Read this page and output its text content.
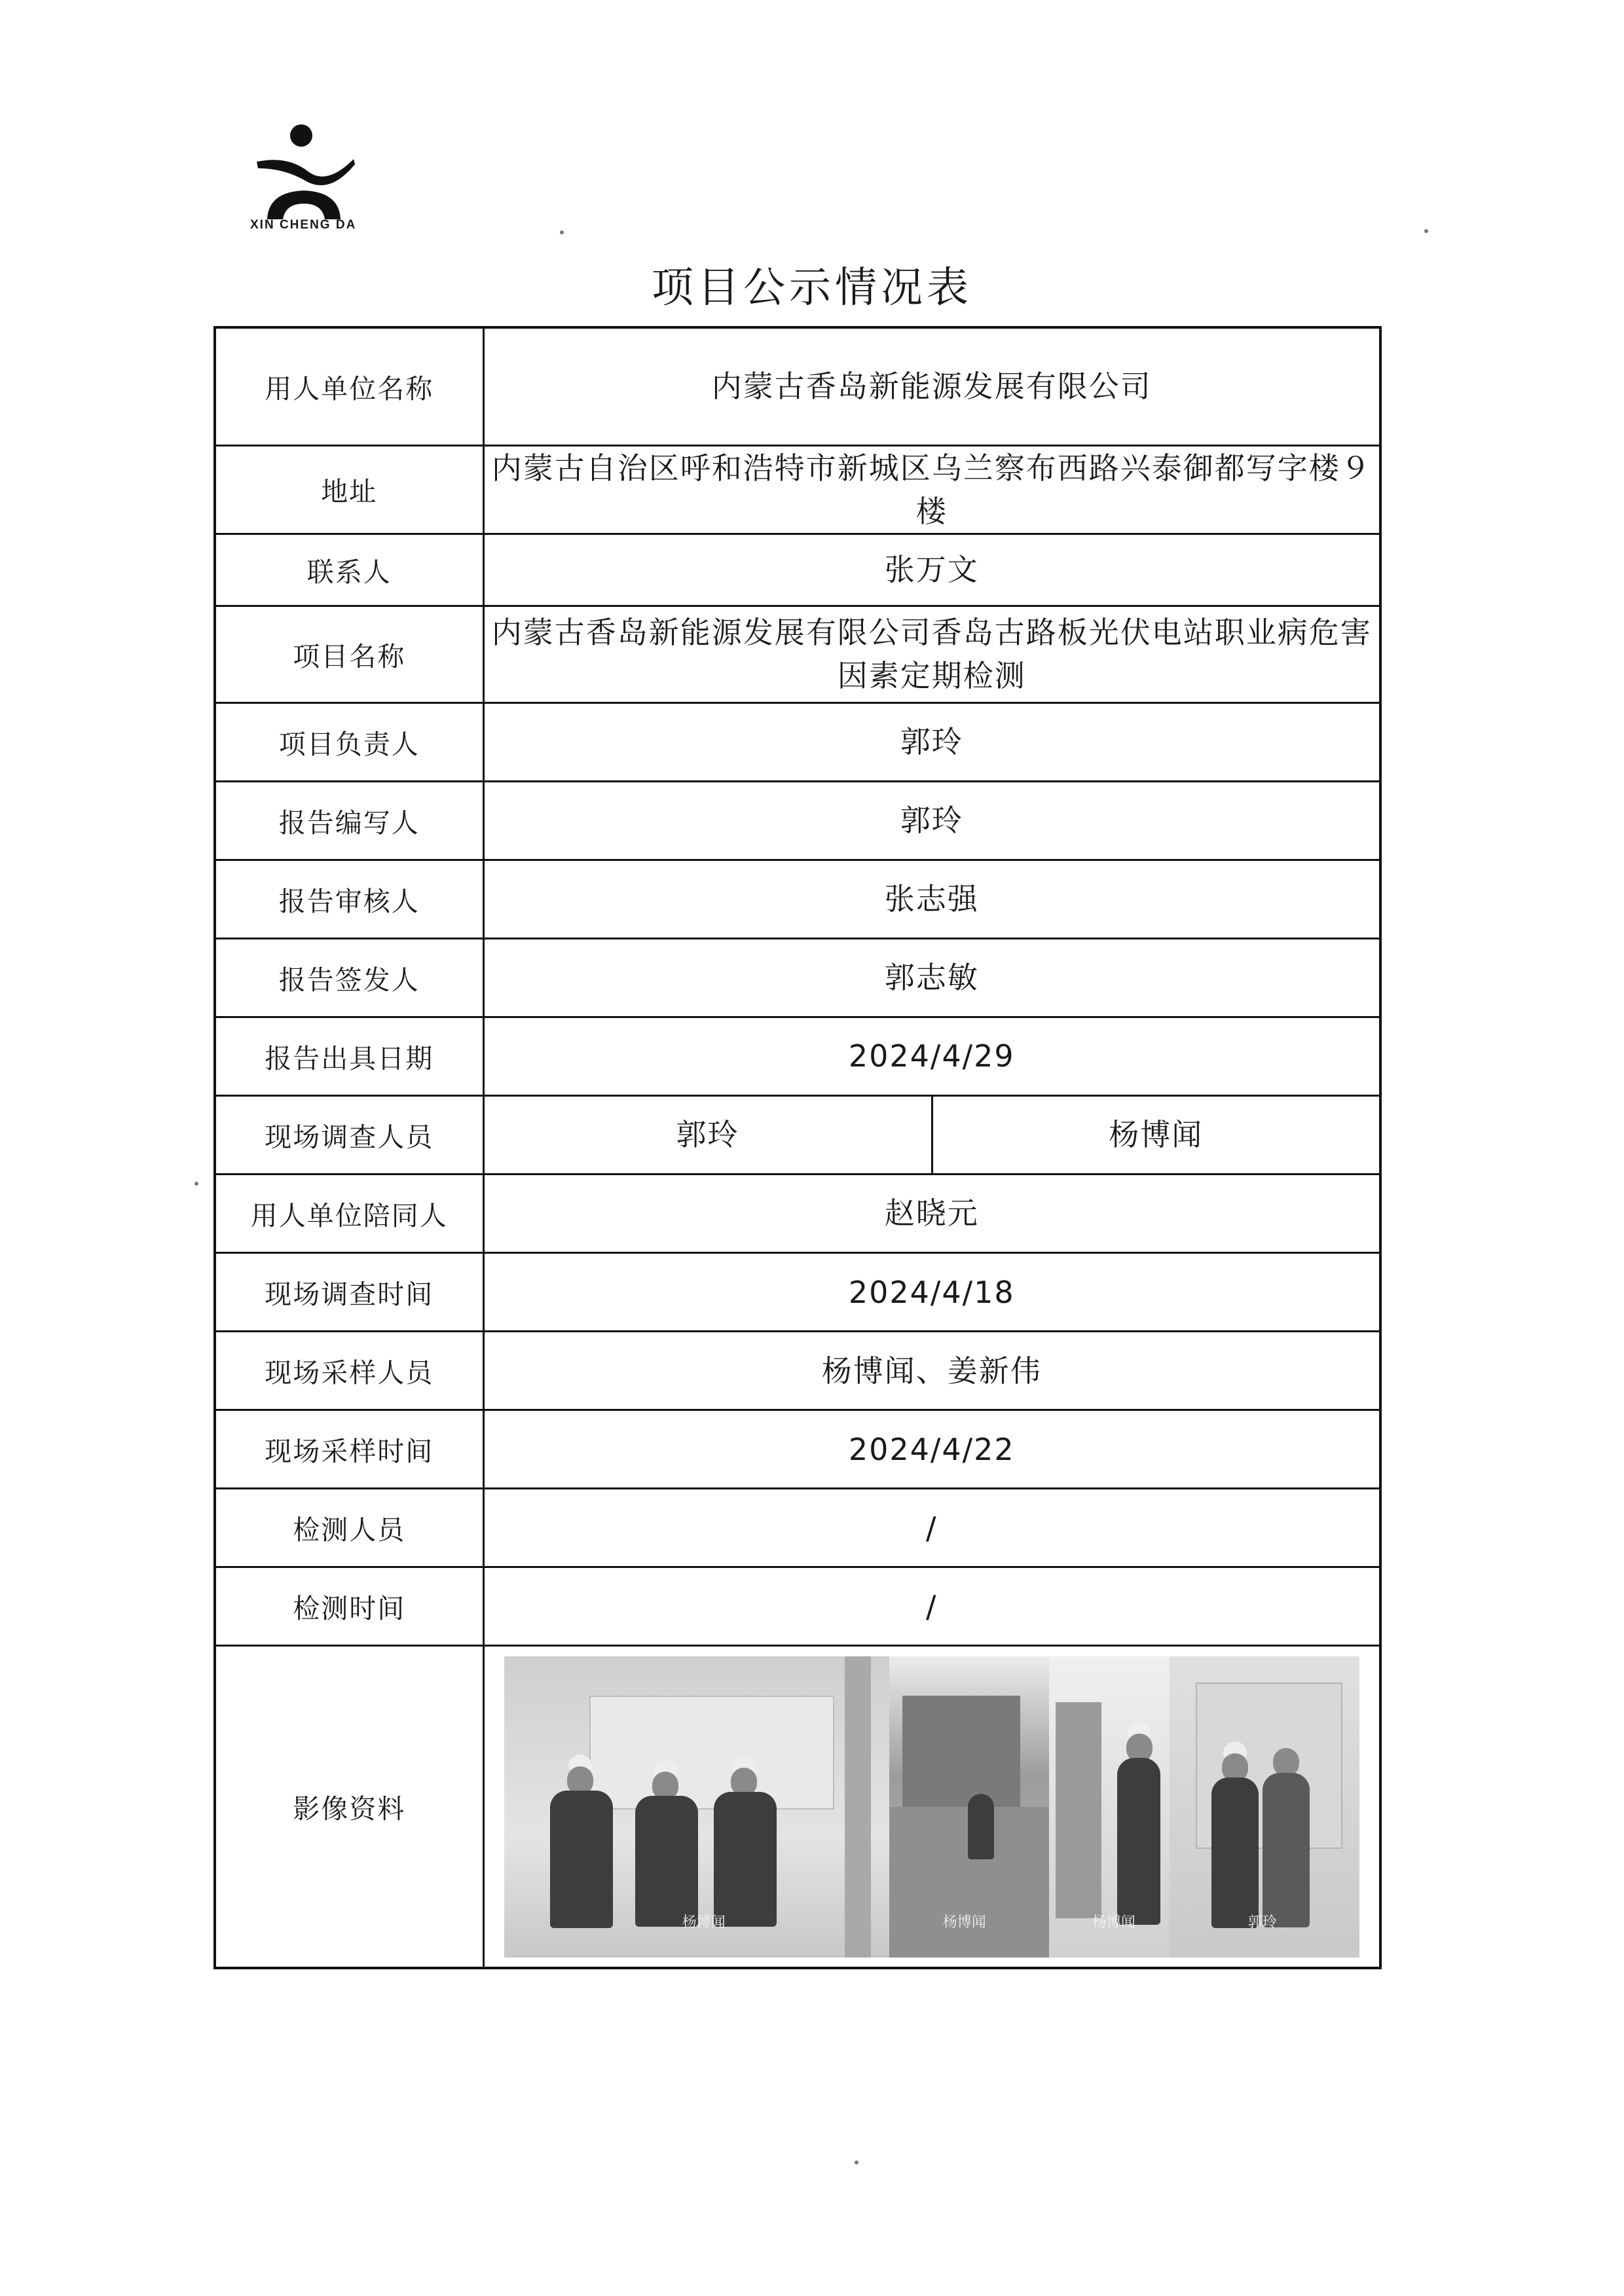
XIN CHENG DA
项目公示情况表
用人单位名称	内蒙古香岛新能源发展有限公司	
地址	内蒙古自治区呼和浩特市新城区乌兰察布西路兴泰御都写字楼９楼	
联系人	张万文	
项目名称	内蒙古香岛新能源发展有限公司香岛古路板光伏电站职业病危害因素定期检测	
项目负责人	郭玲	
报告编写人	郭玲	
报告审核人	张志强	
报告签发人	郭志敏	
报告出具日期	2024/4/29	
现场调查人员	郭玲	杨博闻
用人单位陪同人	赵晓元	
现场调查时间	2024/4/18	
现场采样人员	杨博闻、姜新伟	
现场采样时间	2024/4/22	
检测人员	/	
检测时间	/	
影像资料	杨博闻 杨博闻 杨博闻 郭玲	
